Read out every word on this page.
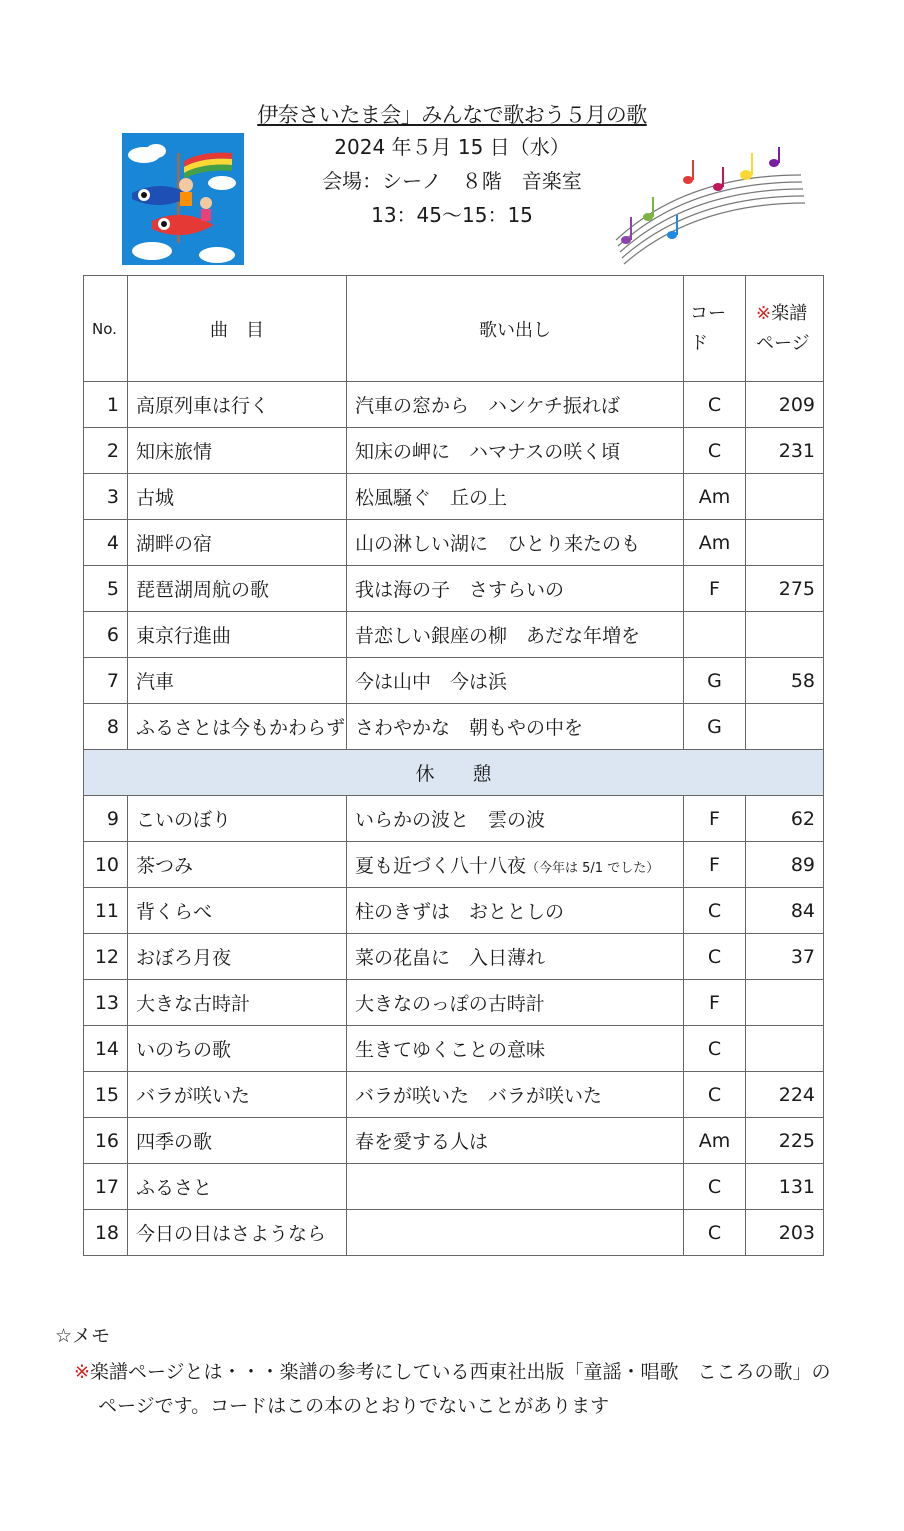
伊奈さいたま会」みんなで歌おう５月の歌
2024 年５月 15 日（水）
会場：シーノ　８階　音楽室
13：45～15：15
No.	曲　目	歌い出し	コード	※楽譜ページ
1	高原列車は行く	汽車の窓から　ハンケチ振れば	C	209
2	知床旅情	知床の岬に　ハマナスの咲く頃	C	231
3	古城	松風騒ぐ　丘の上	Am	
4	湖畔の宿	山の淋しい湖に　ひとり来たのも	Am	
5	琵琶湖周航の歌	我は海の子　さすらいの	F	275
6	東京行進曲	昔恋しい銀座の柳　あだな年増を		
7	汽車	今は山中　今は浜	G	58
8	ふるさとは今もかわらず	さわやかな　朝もやの中を	G	
休　　憩				
9	こいのぼり	いらかの波と　雲の波	F	62
10	茶つみ	夏も近づく八十八夜（今年は 5/1 でした）	F	89
11	背くらべ	柱のきずは　おととしの	C	84
12	おぼろ月夜	菜の花畠に　入日薄れ	C	37
13	大きな古時計	大きなのっぽの古時計	F	
14	いのちの歌	生きてゆくことの意味	C	
15	バラが咲いた	バラが咲いた　バラが咲いた	C	224
16	四季の歌	春を愛する人は	Am	225
17	ふるさと		C	131
18	今日の日はさようなら		C	203
☆メモ
※楽譜ページとは・・・楽譜の参考にしている西東社出版「童謡・唱歌　こころの歌」の
ページです。コードはこの本のとおりでないことがあります
